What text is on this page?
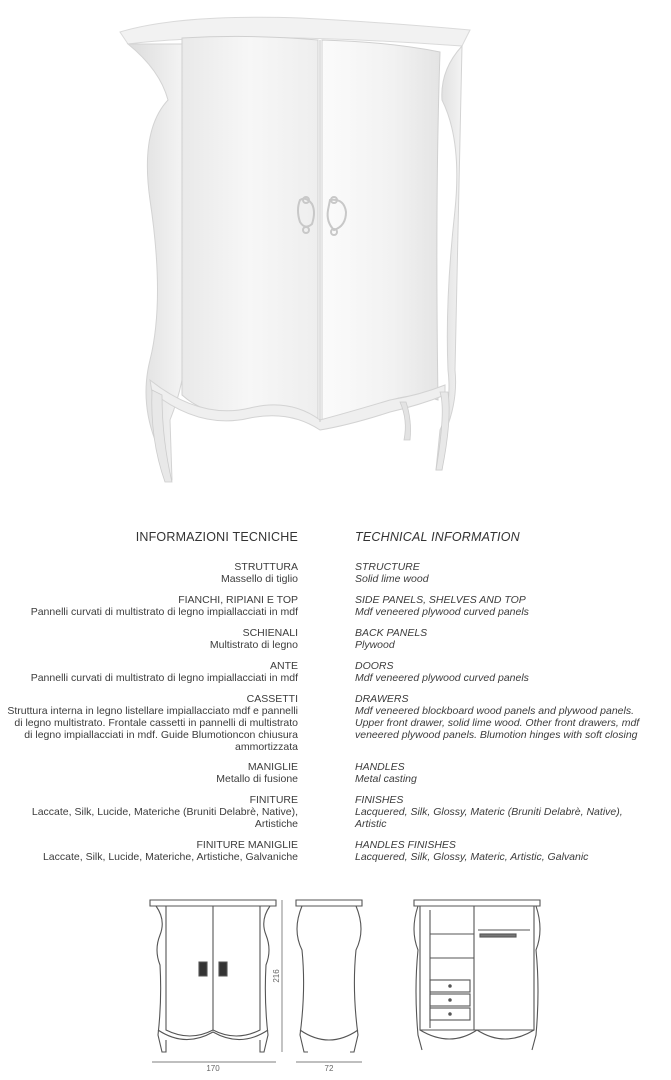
INFORMAZIONI TECNICHE	TECHNICAL INFORMATION
STRUTTURA
Massello di tiglio
STRUCTURE
Solid lime wood
FIANCHI, RIPIANI E TOP
Pannelli curvati di multistrato di legno impiallacciati in mdf
SIDE PANELS, SHELVES AND TOP
Mdf veneered plywood curved panels
SCHIENALI
Multistrato di legno
BACK PANELS
Plywood
ANTE
Pannelli curvati di multistrato di legno impiallacciati in mdf
DOORS
Mdf veneered plywood curved panels
CASSETTI
Struttura interna in legno listellare impiallacciato mdf e pannelli di legno multistrato. Frontale cassetti in pannelli di multistrato di legno impiallacciati in mdf. Guide Blumotioncon chiusura ammortizzata
DRAWERS
Mdf veneered blockboard wood panels and plywood panels. Upper front drawer, solid lime wood. Other front drawers, mdf veneered plywood panels. Blumotion hinges with soft closing
MANIGLIE
Metallo di fusione
HANDLES
Metal casting
FINITURE
Laccate, Silk, Lucide, Materiche (Bruniti Delabrè, Native), Artistiche
FINISHES
Lacquered, Silk, Glossy, Materic (Bruniti Delabrè, Native), Artistic
FINITURE MANIGLIE
Laccate, Silk, Lucide, Materiche, Artistiche, Galvaniche
HANDLES FINISHES
Lacquered, Silk, Glossy, Materic, Artistic, Galvanic
170	72
216
